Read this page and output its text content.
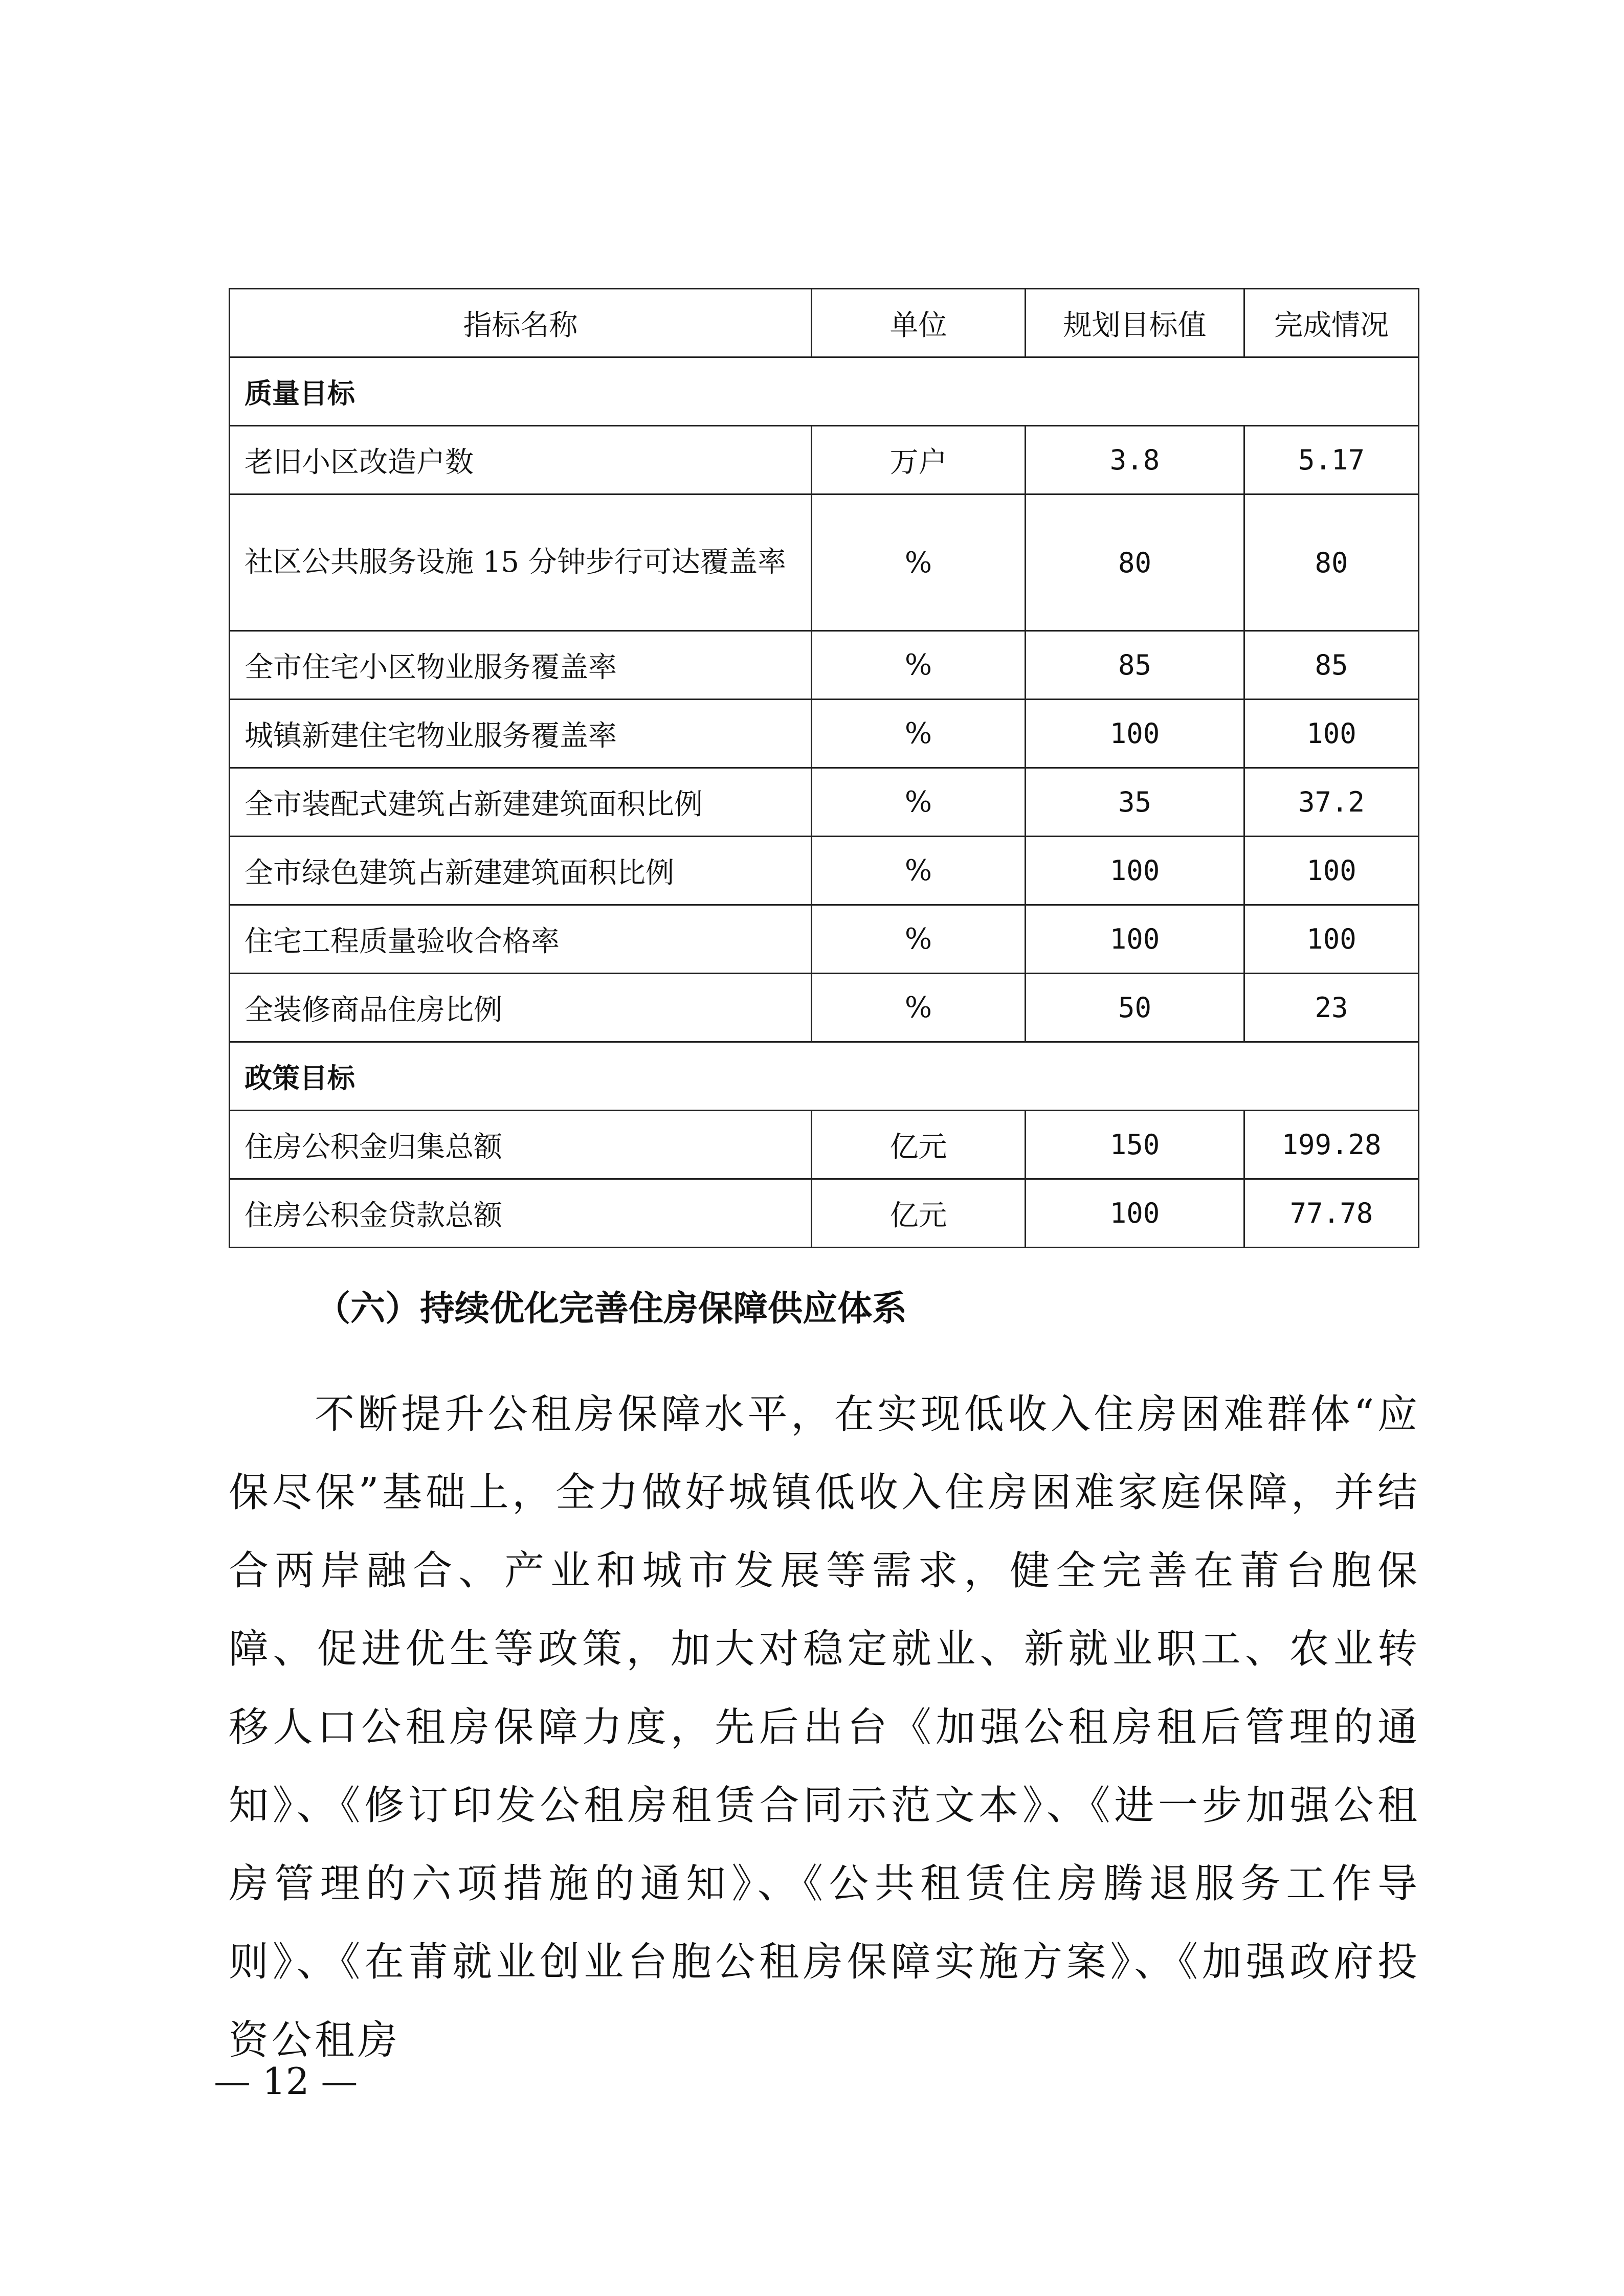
指标名称	单位	规划目标值	完成情况
质量目标			
老旧小区改造户数	万户	3.8	5.17
社区公共服务设施 15 分钟步行可达覆盖率	%	80	80
全市住宅小区物业服务覆盖率	%	85	85
城镇新建住宅物业服务覆盖率	%	100	100
全市装配式建筑占新建建筑面积比例	%	35	37.2
全市绿色建筑占新建建筑面积比例	%	100	100
住宅工程质量验收合格率	%	100	100
全装修商品住房比例	%	50	23
政策目标			
住房公积金归集总额	亿元	150	199.28
住房公积金贷款总额	亿元	100	77.78
（六）持续优化完善住房保障供应体系

不断提升公租房保障水平，在实现低收入住房困难群体“应保尽保”基础上，全力做好城镇低收入住房困难家庭保障，并结合两岸融合、产业和城市发展等需求，健全完善在莆台胞保障、促进优生等政策，加大对稳定就业、新就业职工、农业转移人口公租房保障力度，先后出台《加强公租房租后管理的通知》、《修订印发公租房租赁合同示范文本》、《进一步加强公租房管理的六项措施的通知》、《公共租赁住房腾退服务工作导则》、《在莆就业创业台胞公租房保障实施方案》、《加强政府投资公租房

— 12 —
